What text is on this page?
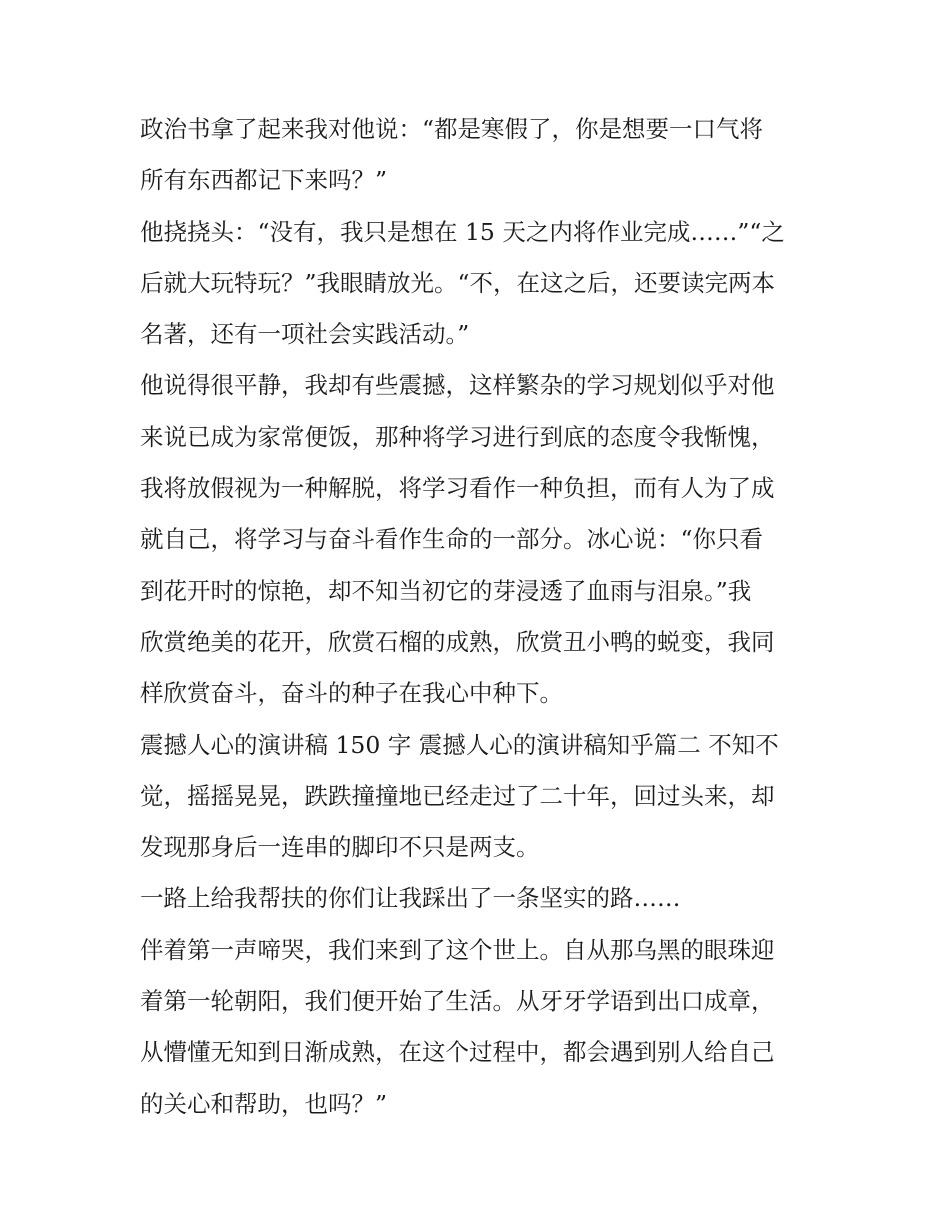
政治书拿了起来我对他说：“都是寒假了，你是想要一口气将
所有东西都记下来吗？”
他挠挠头：“没有，我只是想在 15 天之内将作业完成……”“之
后就大玩特玩？”我眼睛放光。“不，在这之后，还要读完两本
名著，还有一项社会实践活动。”
他说得很平静，我却有些震撼，这样繁杂的学习规划似乎对他
来说已成为家常便饭，那种将学习进行到底的态度令我惭愧，
我将放假视为一种解脱，将学习看作一种负担，而有人为了成
就自己，将学习与奋斗看作生命的一部分。冰心说：“你只看
到花开时的惊艳，却不知当初它的芽浸透了血雨与泪泉。”我
欣赏绝美的花开，欣赏石榴的成熟，欣赏丑小鸭的蜕变，我同
样欣赏奋斗，奋斗的种子在我心中种下。
震撼人心的演讲稿 150 字 震撼人心的演讲稿知乎篇二 不知不
觉，摇摇晃晃，跌跌撞撞地已经走过了二十年，回过头来，却
发现那身后一连串的脚印不只是两支。
一路上给我帮扶的你们让我踩出了一条坚实的路……
伴着第一声啼哭，我们来到了这个世上。自从那乌黑的眼珠迎
着第一轮朝阳，我们便开始了生活。从牙牙学语到出口成章，
从懵懂无知到日渐成熟，在这个过程中，都会遇到别人给自己
的关心和帮助，也吗？”
